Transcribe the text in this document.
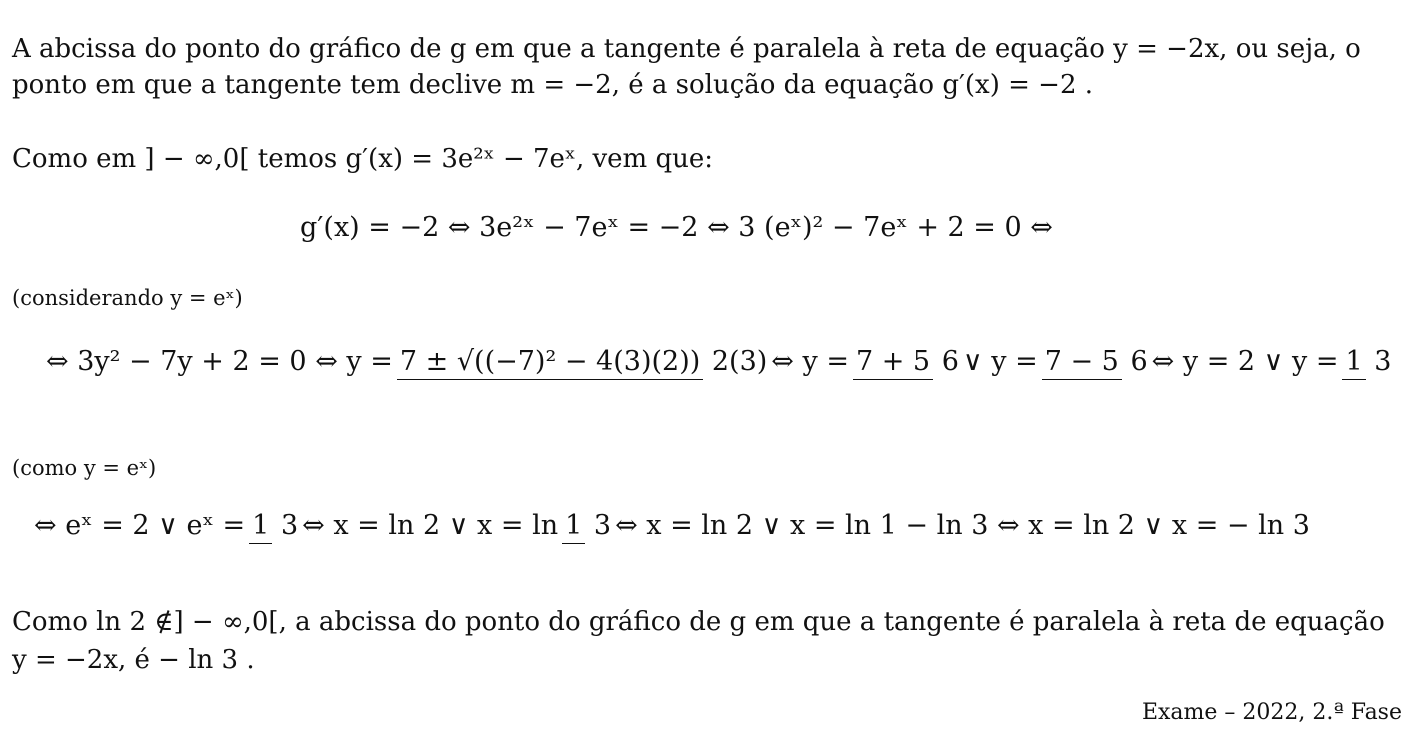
A abcissa do ponto do gráfico de g em que a tangente é paralela à reta de equação y = −2x, ou seja, o
ponto em que a tangente tem declive m = −2, é a solução da equação g′(x) = −2 .
Como em ] − ∞,0[ temos g′(x) = 3e²ˣ − 7eˣ, vem que:
g′(x) = −2 ⇔ 3e²ˣ − 7eˣ = −2 ⇔ 3 (eˣ)² − 7eˣ + 2 = 0 ⇔
(considerando y = eˣ)
⇔ 3y² − 7y + 2 = 0 ⇔ y = 7 ± √((−7)² − 4(3)(2)) 2(3) ⇔ y = 7 + 5 6 ∨ y = 7 − 5 6 ⇔ y = 2 ∨ y = 1 3
(como y = eˣ)
⇔ eˣ = 2 ∨ eˣ = 1 3 ⇔ x = ln 2 ∨ x = ln 1 3 ⇔ x = ln 2 ∨ x = ln 1 − ln 3 ⇔ x = ln 2 ∨ x = − ln 3
Como ln 2 ∉] − ∞,0[, a abcissa do ponto do gráfico de g em que a tangente é paralela à reta de equação
y = −2x, é − ln 3 .
Exame – 2022, 2.ª Fase
